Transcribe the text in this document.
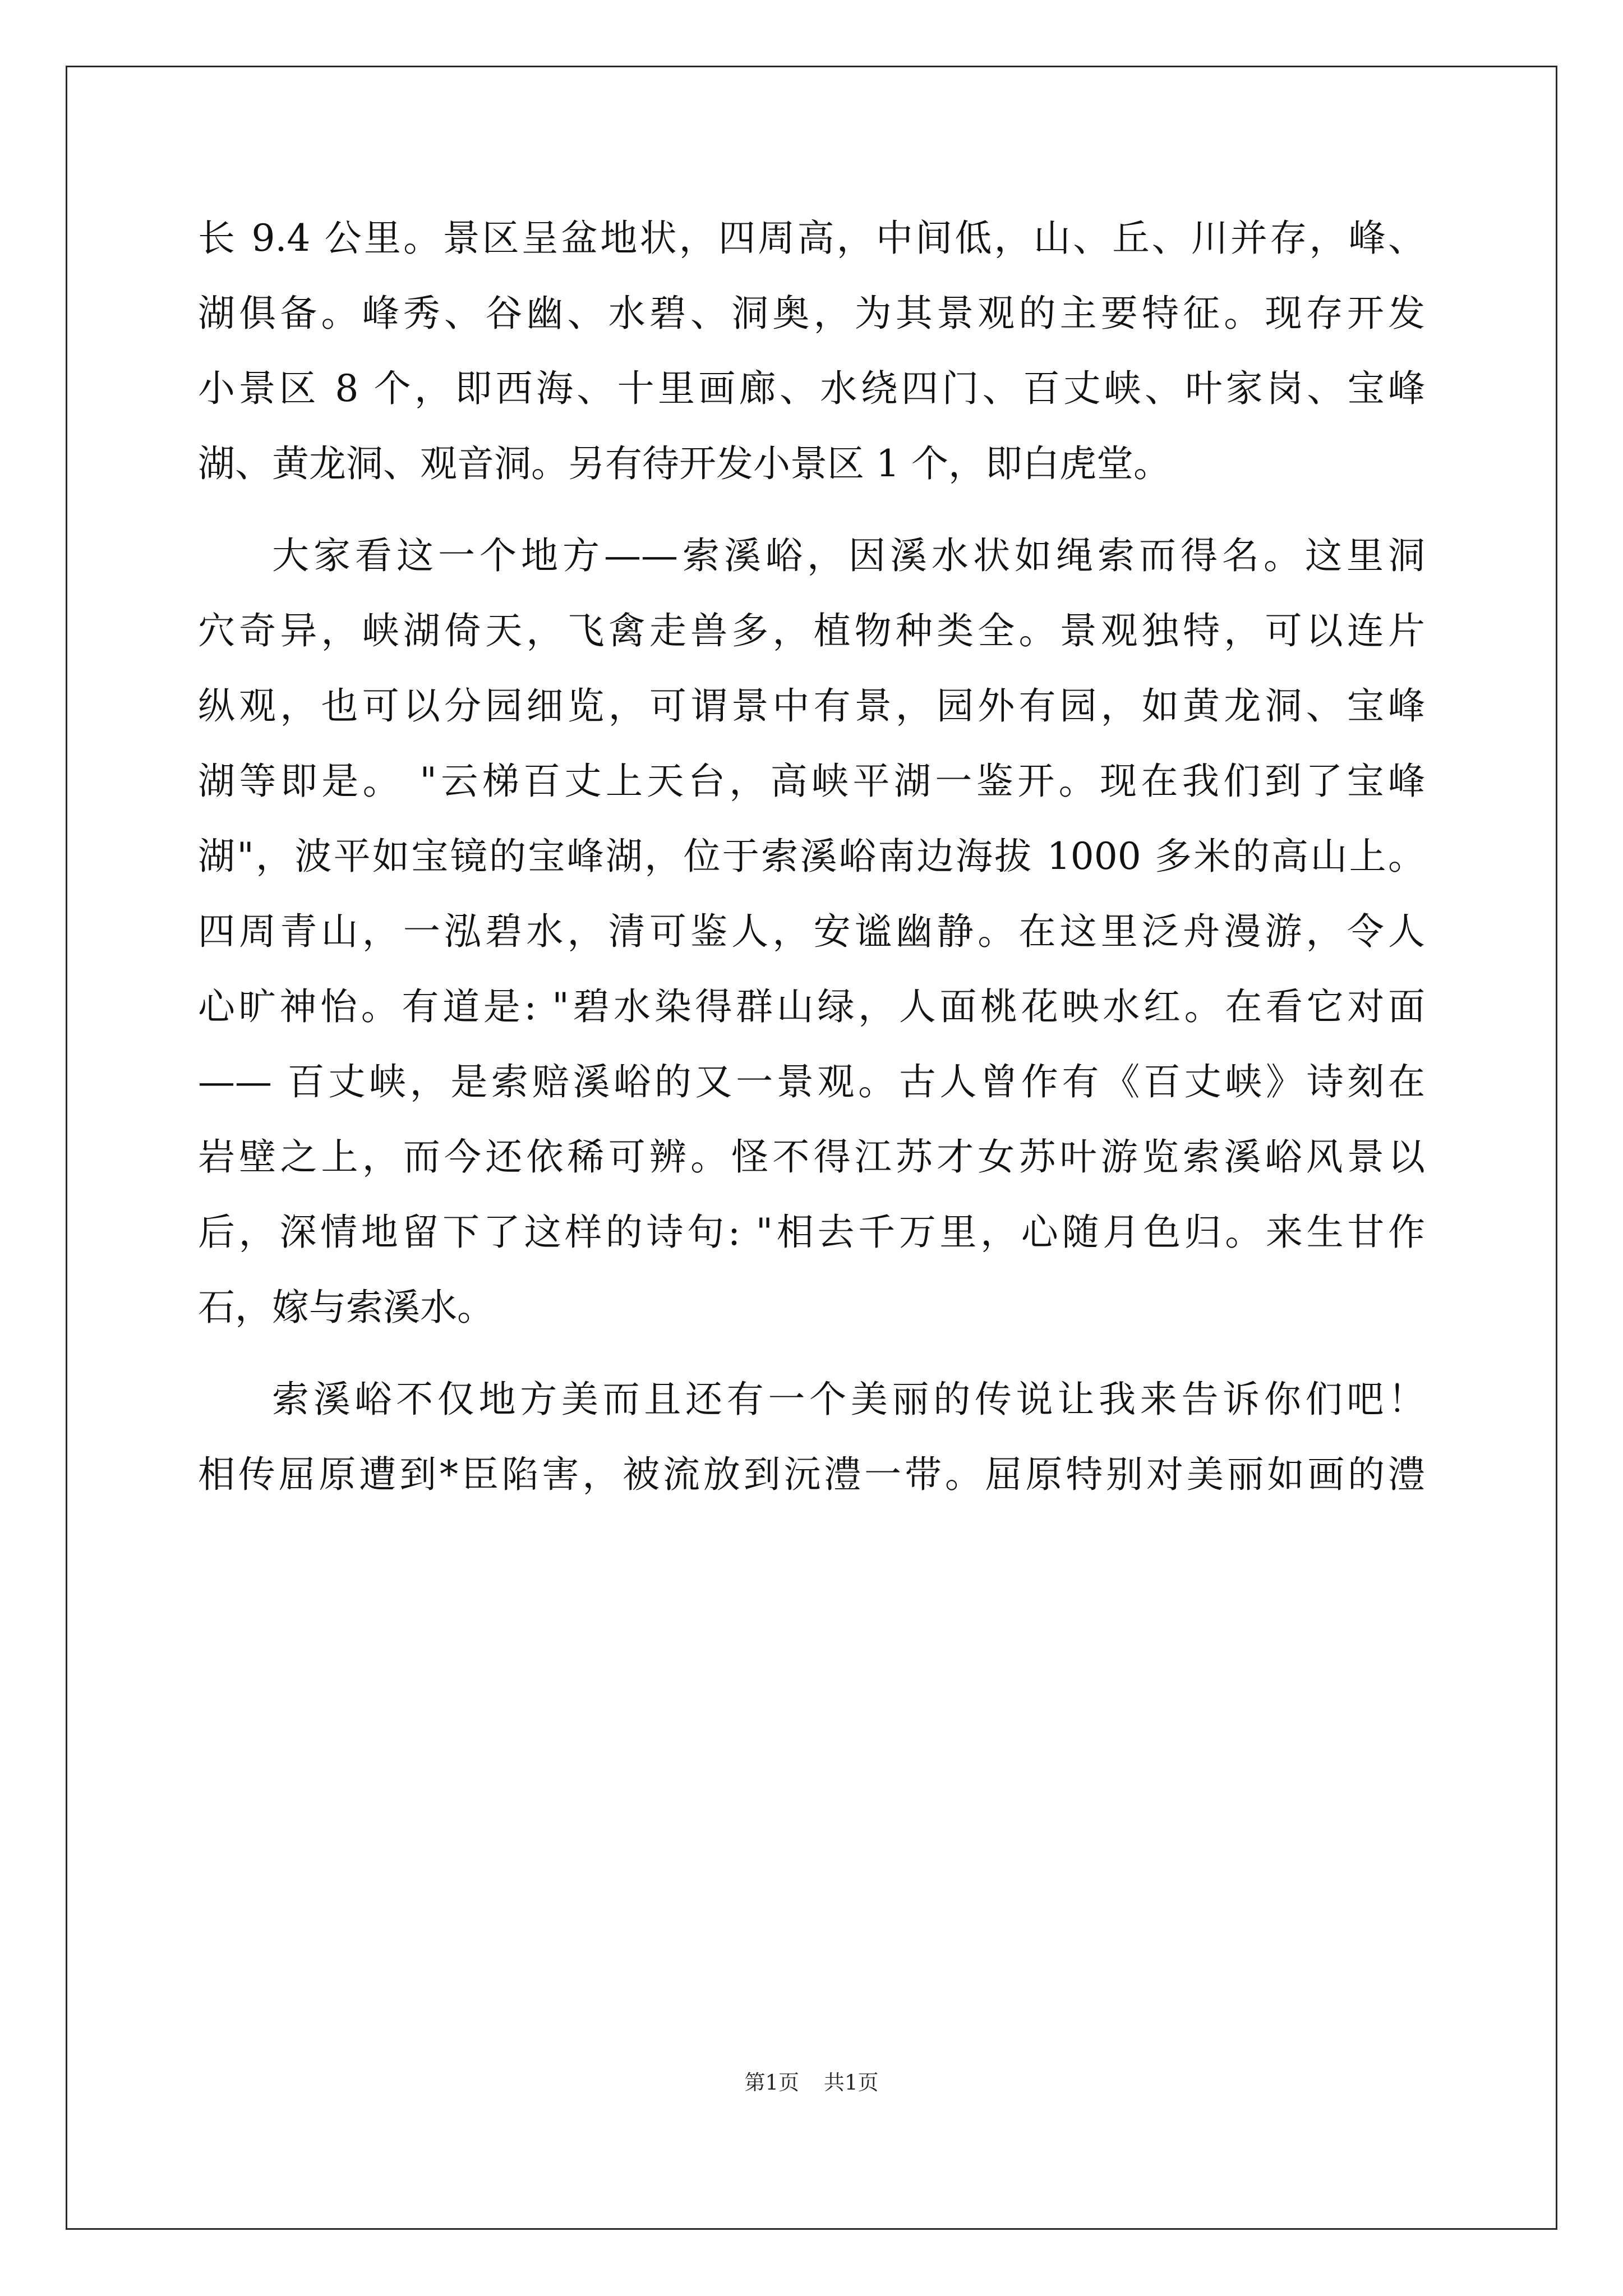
长 9.4 公里。景区呈盆地状，四周高，中间低，山、丘、川并存，峰、
湖俱备。峰秀、谷幽、水碧、洞奥，为其景观的主要特征。现存开发
小景区 8 个，即西海、十里画廊、水绕四门、百丈峡、叶家岗、宝峰
湖、黄龙洞、观音洞。另有待开发小景区 1 个，即白虎堂。
大家看这一个地方——索溪峪，因溪水状如绳索而得名。这里洞
穴奇异，峡湖倚天，飞禽走兽多，植物种类全。景观独特，可以连片
纵观，也可以分园细览，可谓景中有景，园外有园，如黄龙洞、宝峰
湖等即是。 "云梯百丈上天台，高峡平湖一鉴开。现在我们到了宝峰
湖"，波平如宝镜的宝峰湖，位于索溪峪南边海拔 1000 多米的高山上。
四周青山，一泓碧水，清可鉴人，安谧幽静。在这里泛舟漫游，令人
心旷神怡。有道是: "碧水染得群山绿，人面桃花映水红。在看它对面
—— 百丈峡，是索赔溪峪的又一景观。古人曾作有《百丈峡》诗刻在
岩壁之上，而今还依稀可辨。怪不得江苏才女苏叶游览索溪峪风景以
后，深情地留下了这样的诗句: "相去千万里，心随月色归。来生甘作
石，嫁与索溪水。
索溪峪不仅地方美而且还有一个美丽的传说让我来告诉你们吧！
相传屈原遭到*臣陷害，被流放到沅澧一带。屈原特别对美丽如画的澧
第1页 共1页
